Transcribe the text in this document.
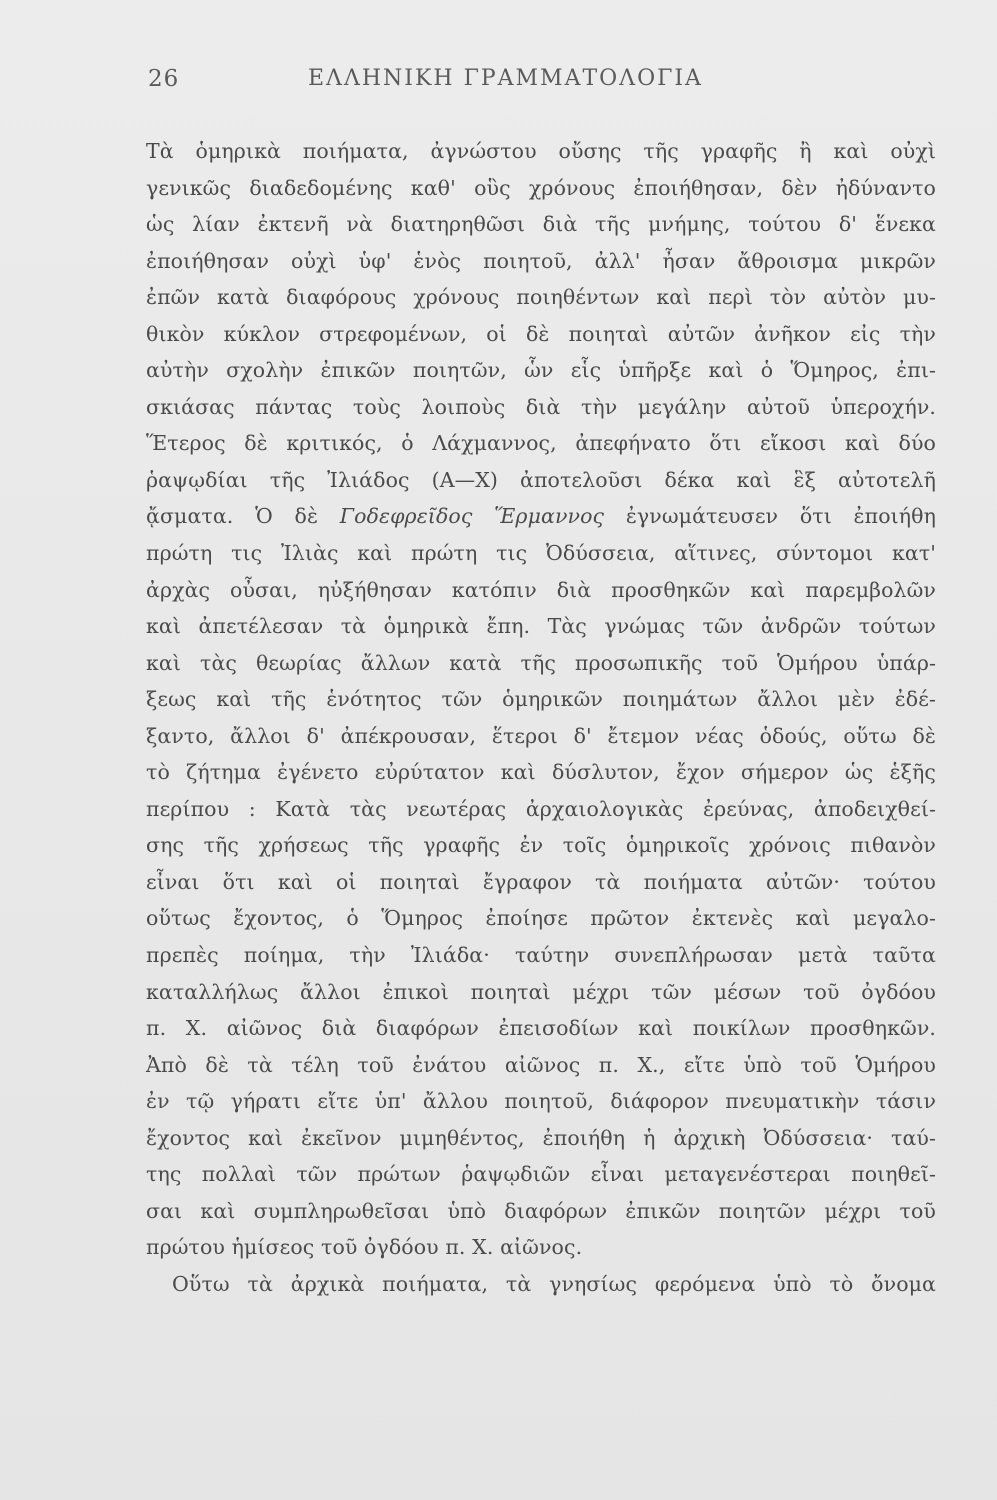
26	ΕΛΛΗΝΙΚΗ ΓΡΑΜΜΑΤΟΛΟΓΙΑ
Τὰ ὁμηρικὰ ποιήματα, ἀγνώστου οὔσης τῆς γραφῆς ἢ καὶ οὐχὶ
γενικῶς διαδεδομένης καθ' οὓς χρόνους ἐποιήθησαν, δὲν ἠδύναντο
ὡς λίαν ἐκτενῆ νὰ διατηρηθῶσι διὰ τῆς μνήμης, τούτου δ' ἕνεκα
ἐποιήθησαν οὐχὶ ὑφ' ἑνὸς ποιητοῦ, ἀλλ' ἦσαν ἄθροισμα μικρῶν
ἐπῶν κατὰ διαφόρους χρόνους ποιηθέντων καὶ περὶ τὸν αὐτὸν μυ-
θικὸν κύκλον στρεφομένων, οἱ δὲ ποιηταὶ αὐτῶν ἀνῆκον εἰς τὴν
αὐτὴν σχολὴν ἐπικῶν ποιητῶν, ὧν εἷς ὑπῆρξε καὶ ὁ Ὅμηρος, ἐπι-
σκιάσας πάντας τοὺς λοιποὺς διὰ τὴν μεγάλην αὐτοῦ ὑπεροχήν.
Ἕτερος δὲ κριτικός, ὁ Λάχμαννος, ἀπεφήνατο ὅτι εἴκοσι καὶ δύο
ῥαψῳδίαι τῆς Ἰλιάδος (Α—Χ) ἀποτελοῦσι δέκα καὶ ἓξ αὐτοτελῆ
ᾄσματα. Ὁ δὲ Γοδεφρεῖδος Ἕρμαννος ἐγνωμάτευσεν ὅτι ἐποιήθη
πρώτη τις Ἰλιὰς καὶ πρώτη τις Ὀδύσσεια, αἵτινες, σύντομοι κατ'
ἀρχὰς οὖσαι, ηὐξήθησαν κατόπιν διὰ προσθηκῶν καὶ παρεμβολῶν
καὶ ἀπετέλεσαν τὰ ὁμηρικὰ ἔπη. Τὰς γνώμας τῶν ἀνδρῶν τούτων
καὶ τὰς θεωρίας ἄλλων κατὰ τῆς προσωπικῆς τοῦ Ὁμήρου ὑπάρ-
ξεως καὶ τῆς ἑνότητος τῶν ὁμηρικῶν ποιημάτων ἄλλοι μὲν ἐδέ-
ξαντο, ἄλλοι δ' ἀπέκρουσαν, ἕτεροι δ' ἔτεμον νέας ὁδούς, οὕτω δὲ
τὸ ζήτημα ἐγένετο εὐρύτατον καὶ δύσλυτον, ἔχον σήμερον ὡς ἑξῆς
περίπου : Κατὰ τὰς νεωτέρας ἀρχαιολογικὰς ἐρεύνας, ἀποδειχθεί-
σης τῆς χρήσεως τῆς γραφῆς ἐν τοῖς ὁμηρικοῖς χρόνοις πιθανὸν
εἶναι ὅτι καὶ οἱ ποιηταὶ ἔγραφον τὰ ποιήματα αὐτῶν· τούτου
οὕτως ἔχοντος, ὁ Ὅμηρος ἐποίησε πρῶτον ἐκτενὲς καὶ μεγαλο-
πρεπὲς ποίημα, τὴν Ἰλιάδα· ταύτην συνεπλήρωσαν μετὰ ταῦτα
καταλλήλως ἄλλοι ἐπικοὶ ποιηταὶ μέχρι τῶν μέσων τοῦ ὀγδόου
π. Χ. αἰῶνος διὰ διαφόρων ἐπεισοδίων καὶ ποικίλων προσθηκῶν.
Ἀπὸ δὲ τὰ τέλη τοῦ ἐνάτου αἰῶνος π. Χ., εἴτε ὑπὸ τοῦ Ὁμήρου
ἐν τῷ γήρατι εἴτε ὑπ' ἄλλου ποιητοῦ, διάφορον πνευματικὴν τάσιν
ἔχοντος καὶ ἐκεῖνον μιμηθέντος, ἐποιήθη ἡ ἀρχικὴ Ὀδύσσεια· ταύ-
της πολλαὶ τῶν πρώτων ῥαψῳδιῶν εἶναι μεταγενέστεραι ποιηθεῖ-
σαι καὶ συμπληρωθεῖσαι ὑπὸ διαφόρων ἐπικῶν ποιητῶν μέχρι τοῦ
πρώτου ἡμίσεος τοῦ ὀγδόου π. Χ. αἰῶνος.
Οὕτω τὰ ἀρχικὰ ποιήματα, τὰ γνησίως φερόμενα ὑπὸ τὸ ὄνομα
